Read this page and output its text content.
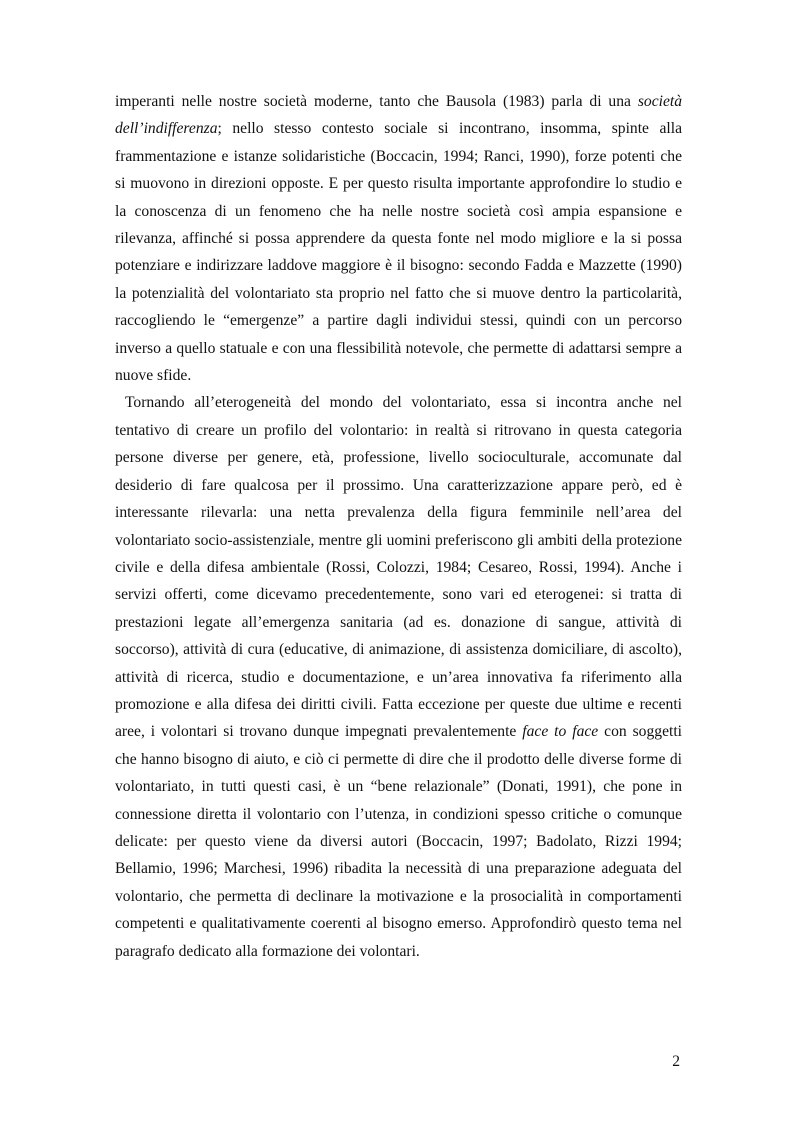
imperanti nelle nostre società moderne, tanto che Bausola (1983) parla di una società dell’indifferenza; nello stesso contesto sociale si incontrano, insomma, spinte alla frammentazione e istanze solidaristiche (Boccacin, 1994; Ranci, 1990), forze potenti che si muovono in direzioni opposte. E per questo risulta importante approfondire lo studio e la conoscenza di un fenomeno che ha nelle nostre società così ampia espansione e rilevanza, affinché si possa apprendere da questa fonte nel modo migliore e la si possa potenziare e indirizzare laddove maggiore è il bisogno: secondo Fadda e Mazzette (1990) la potenzialità del volontariato sta proprio nel fatto che si muove dentro la particolarità, raccogliendo le “emergenze” a partire dagli individui stessi, quindi con un percorso inverso a quello statuale e con una flessibilità notevole, che permette di adattarsi sempre a nuove sfide.

Tornando all’eterogeneità del mondo del volontariato, essa si incontra anche nel tentativo di creare un profilo del volontario: in realtà si ritrovano in questa categoria persone diverse per genere, età, professione, livello socioculturale, accomunate dal desiderio di fare qualcosa per il prossimo. Una caratterizzazione appare però, ed è interessante rilevarla: una netta prevalenza della figura femminile nell’area del volontariato socio-assistenziale, mentre gli uomini preferiscono gli ambiti della protezione civile e della difesa ambientale (Rossi, Colozzi, 1984; Cesareo, Rossi, 1994). Anche i servizi offerti, come dicevamo precedentemente, sono vari ed eterogenei: si tratta di prestazioni legate all’emergenza sanitaria (ad es. donazione di sangue, attività di soccorso), attività di cura (educative, di animazione, di assistenza domiciliare, di ascolto), attività di ricerca, studio e documentazione, e un’area innovativa fa riferimento alla promozione e alla difesa dei diritti civili. Fatta eccezione per queste due ultime e recenti aree, i volontari si trovano dunque impegnati prevalentemente face to face con soggetti che hanno bisogno di aiuto, e ciò ci permette di dire che il prodotto delle diverse forme di volontariato, in tutti questi casi, è un “bene relazionale” (Donati, 1991), che pone in connessione diretta il volontario con l’utenza, in condizioni spesso critiche o comunque delicate: per questo viene da diversi autori (Boccacin, 1997; Badolato, Rizzi 1994; Bellamio, 1996; Marchesi, 1996) ribadita la necessità di una preparazione adeguata del volontario, che permetta di declinare la motivazione e la prosocialità in comportamenti competenti e qualitativamente coerenti al bisogno emerso. Approfondirò questo tema nel paragrafo dedicato alla formazione dei volontari.

2
